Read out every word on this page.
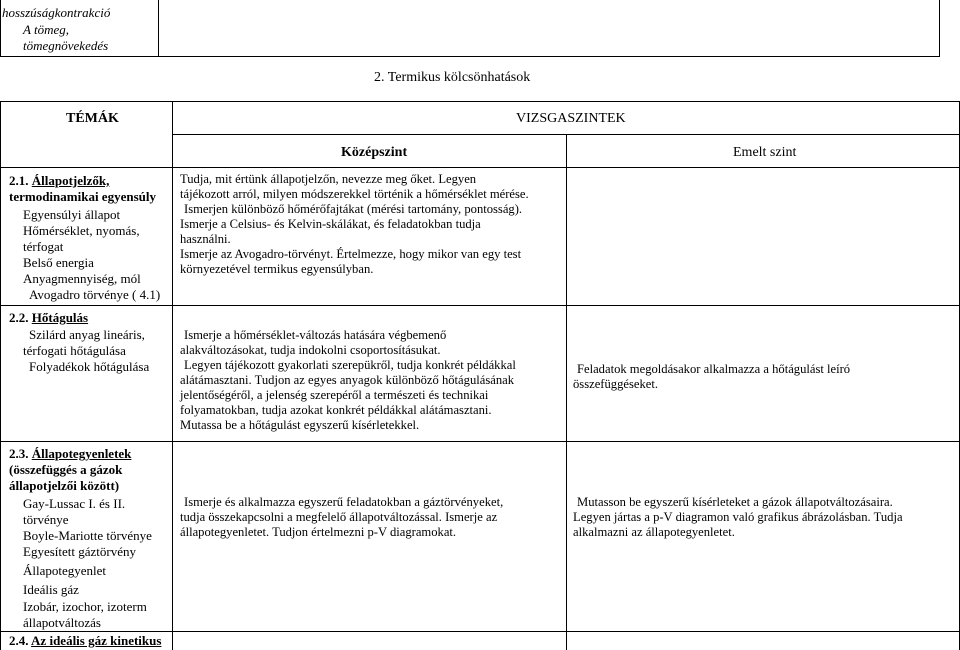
hosszúságkontrakció
A tömeg,
tömegnövekedés
2. Termikus kölcsönhatások
TÉMÁK	VIZSGASZINTEK
Középszint	Emelt szint
2.1. Állapotjelzők,
termodinamikai egyensúly
Egyensúlyi állapot
Hőmérséklet, nyomás,
térfogat
Belső energia
Anyagmennyiség, mól
Avogadro törvénye ( 4.1)
2.2. Hőtágulás
Szilárd anyag lineáris,
térfogati hőtágulása
Folyadékok hőtágulása
2.3. Állapotegyenletek
(összefüggés a gázok
állapotjelzői között)
Gay-Lussac I. és II.
törvénye
Boyle-Mariotte törvénye
Egyesített gáztörvény
Állapotegyenlet
Ideális gáz
Izobár, izochor, izoterm
állapotváltozás
2.4. Az ideális gáz kinetikus
Tudja, mit értünk állapotjelzőn, nevezze meg őket. Legyen
tájékozott arról, milyen módszerekkel történik a hőmérséklet mérése.
Ismerjen különböző hőmérőfajtákat (mérési tartomány, pontosság).
Ismerje a Celsius- és Kelvin-skálákat, és feladatokban tudja
használni.
Ismerje az Avogadro-törvényt. Értelmezze, hogy mikor van egy test
környezetével termikus egyensúlyban.
Ismerje a hőmérséklet-változás hatására végbemenő
alakváltozásokat, tudja indokolni csoportosításukat.
Legyen tájékozott gyakorlati szerepükről, tudja konkrét példákkal
alátámasztani. Tudjon az egyes anyagok különböző hőtágulásának
jelentőségéről, a jelenség szerepéről a természeti és technikai
folyamatokban, tudja azokat konkrét példákkal alátámasztani.
Mutassa be a hőtágulást egyszerű kísérletekkel.
Ismerje és alkalmazza egyszerű feladatokban a gáztörvényeket,
tudja összekapcsolni a megfelelő állapotváltozással. Ismerje az
állapotegyenletet. Tudjon értelmezni p-V diagramokat.
Feladatok megoldásakor alkalmazza a hőtágulást leíró
összefüggéseket.
Mutasson be egyszerű kísérleteket a gázok állapotváltozásaira.
Legyen jártas a p-V diagramon való grafikus ábrázolásban. Tudja
alkalmazni az állapotegyenletet.
